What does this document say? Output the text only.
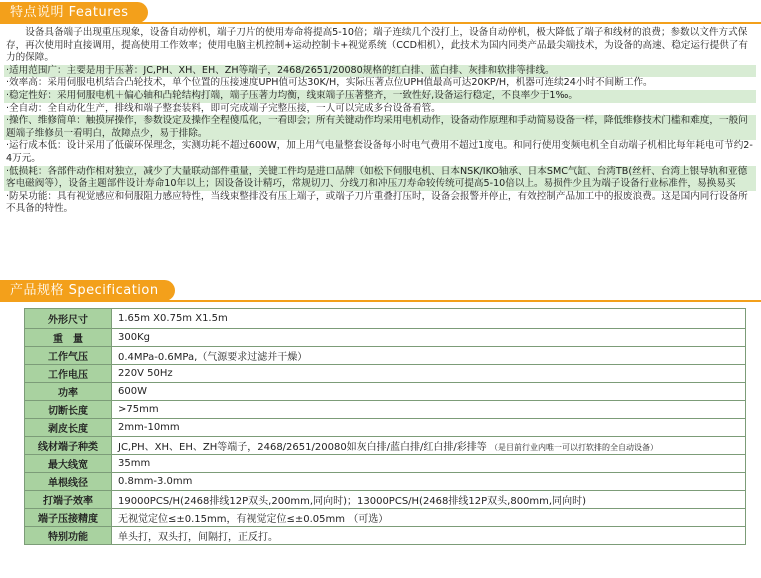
特点说明 Features

设备具备端子出现重压现象，设备自动停机，端子刀片的使用寿命将提高5-10倍；端子连续几个没打上，设备自动停机，极大降低了端子和线材的浪费；参数以文件方式保存，再次使用时直接调用，提高使用工作效率；使用电脑主机控制+运动控制卡+视觉系统（CCD相机），此技术为国内同类产品最尖端技术，为设备的高速、稳定运行提供了有力的保障。

·适用范围广：主要是用于压著：JC,PH、XH、EH、ZH等端子，2468/2651/20080规格的红白排、蓝白排、灰排和软排等排线。

·效率高：采用伺服电机结合凸轮技术，单个位置的压接速度UPH值可达30K/H，实际压著点位UPH值最高可达20KP/H，机器可连续24小时不间断工作。

·稳定性好：采用伺服电机＋偏心轴和凸轮结构打端，端子压著力均衡，线束端子压著整齐，一致性好,设备运行稳定，不良率少于1‰。

·全自动：全自动化生产，排线和端子整套装料，即可完成端子完整压接，一人可以完成多台设备看管。

·操作、维修简单：触摸屏操作，参数设定及操作全程傻瓜化，一看即会；所有关键动作均采用电机动作，设备动作原理和手动简易设备一样，降低维修技术门槛和难度，一般问题端子维修员一看明白，故障点少，易于排除。

·运行成本低：设计采用了低碳环保理念，实测功耗不超过600W，加上用气电量整套设备每小时电气费用不超过1度电。和同行使用变频电机全自动端子机相比每年耗电可节约2-4万元。

·低损耗：各部件动作相对独立，减少了大量联动部件重量，关键工件均是进口品牌（如松下伺服电机、日本NSK/IKO轴承、日本SMC气缸、台湾TB(丝杆、台湾上银导轨和亚德客电磁阀等），设备主题部件设计寿命10年以上；因设备设计精巧，常规切刀、分线刀和冲压刀寿命较传统可提高5-10倍以上。易损件少且为端子设备行业标准件，易换易买

·防呆功能：具有视觉感应和伺服阻力感应特性，当线束整排没有压上端子，或端子刀片重叠打压时，设备会报警并停止，有效控制产品加工中的报废浪费。这是国内同行设备所不具备的特性。

产品规格 Specification
外形尺寸	1.65m X0.75m X1.5m
重　量	300Kg
工作气压	0.4MPa-0.6MPa,（气源要求过滤并干燥）
工作电压	220V 50Hz
功率	600W
切断长度	>75mm
剥皮长度	2mm-10mm
线材端子种类	JC,PH、XH、EH、ZH等端子，2468/2651/20080如灰白排/蓝白排/红白排/彩排等 （是目前行业内唯一可以打软排的全自动设备）
最大线宽	35mm
单根线径	0.8mm-3.0mm
打端子效率	19000PCS/H(2468排线12P双头,200mm,同向时)；13000PCS/H(2468排线12P双头,800mm,同向时)
端子压接精度	无视觉定位≤±0.15mm，有视觉定位≤±0.05mm （可选）
特别功能	单头打，双头打，间隔打，正反打。
